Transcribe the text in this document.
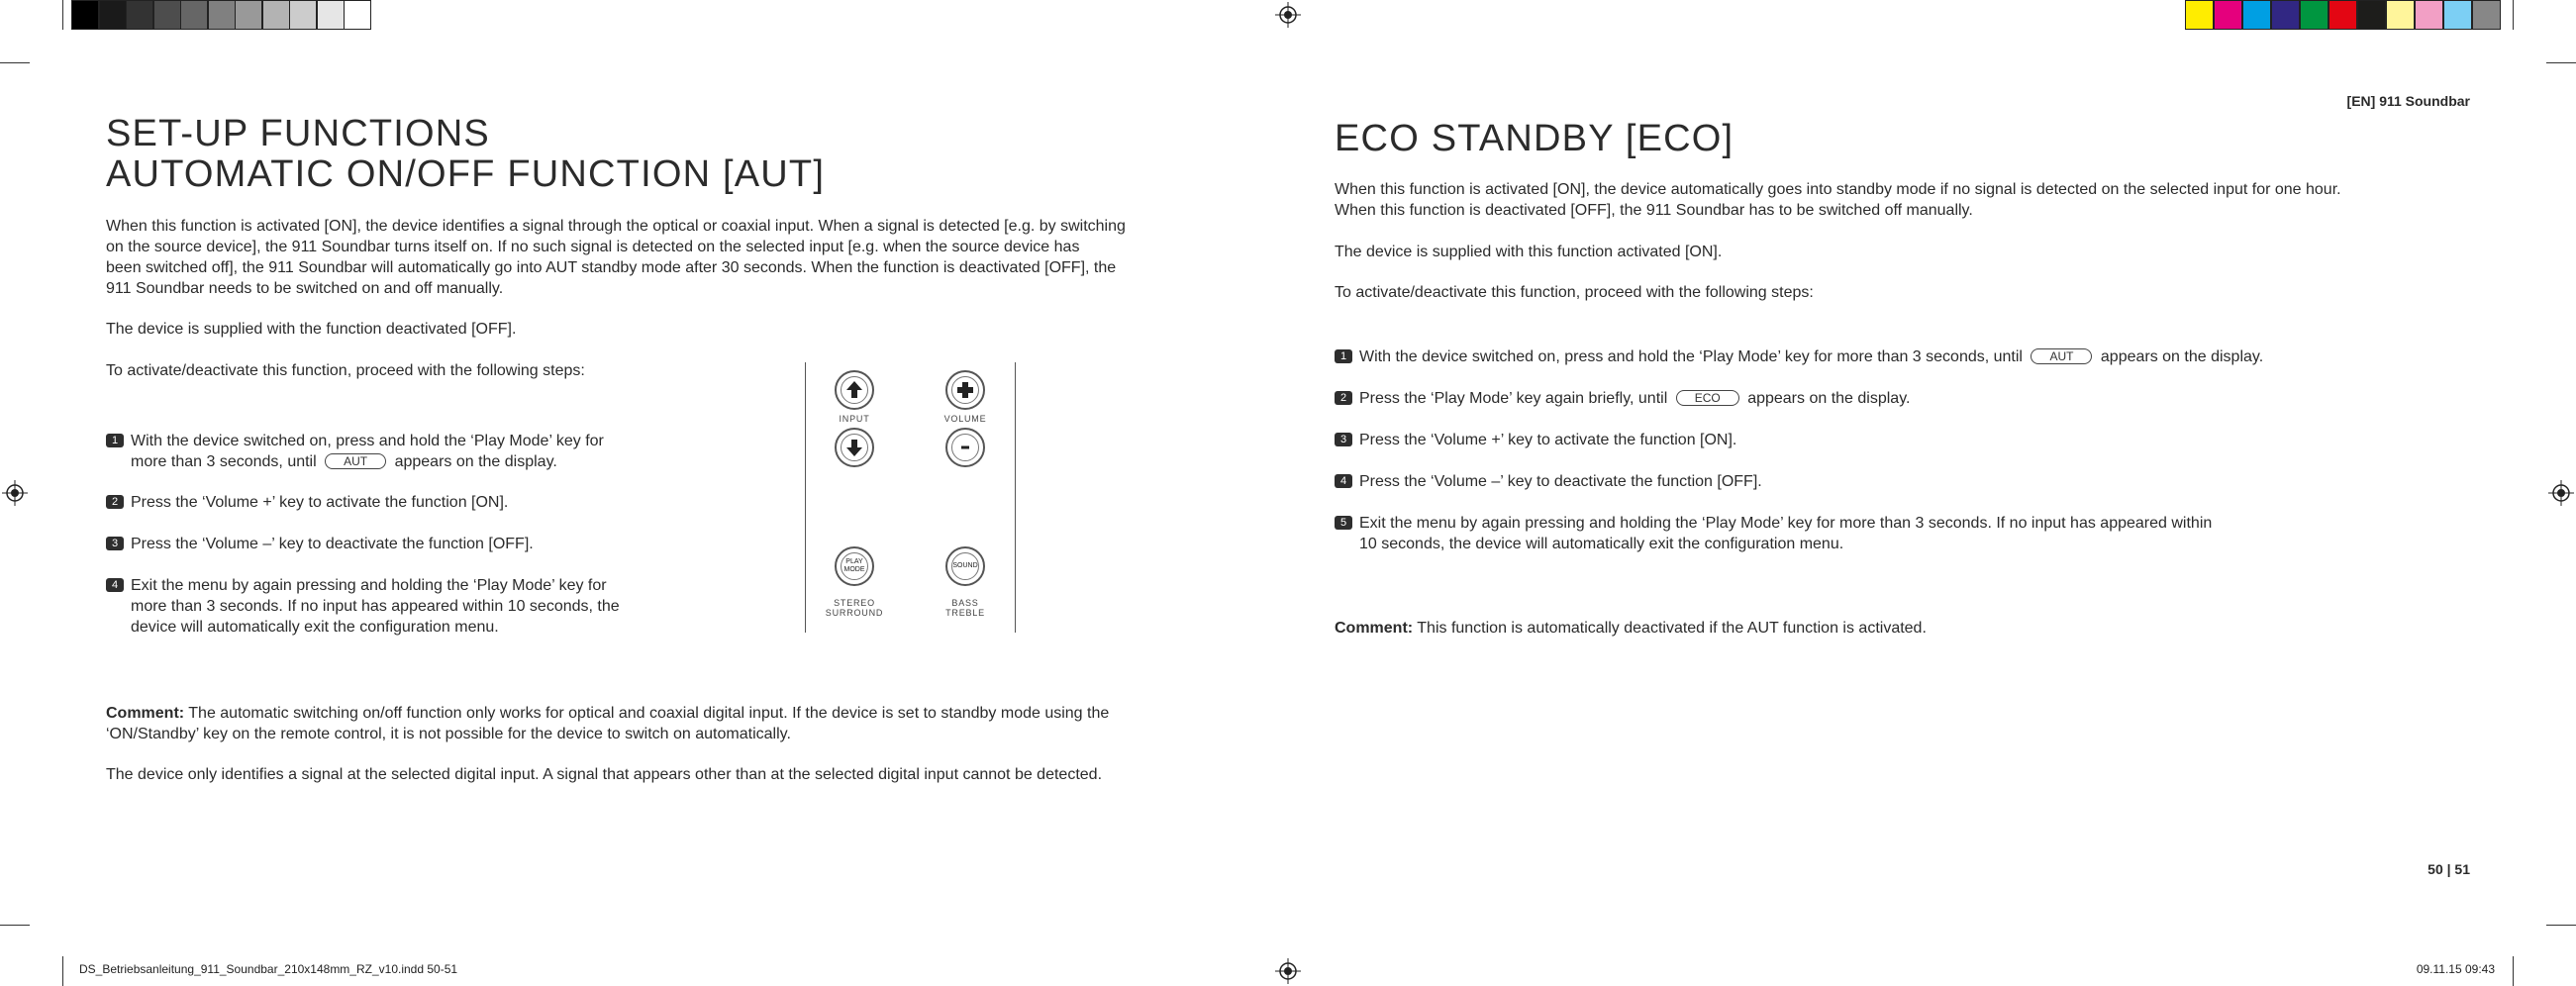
[EN] 911 Soundbar

SET-UP FUNCTIONS

AUTOMATIC ON/OFF FUNCTION [AUT]

When this function is activated [ON], the device identifies a signal through the optical or coaxial input. When a signal is detected [e.g. by switching

on the source device], the 911 Soundbar turns itself on. If no such signal is detected on the selected input [e.g. when the source device has

been switched off], the 911 Soundbar will automatically go into AUT standby mode after 30 seconds. When the function is deactivated [OFF], the

911 Soundbar needs to be switched on and off manually.

The device is supplied with the function deactivated [OFF].

To activate/deactivate this function, proceed with the following steps:

1 With the device switched on, press and hold the ‘Play Mode’ key for
more than 3 seconds, until AUT appears on the display.
2 Press the ‘Volume +’ key to activate the function [ON].
3 Press the ‘Volume –’ key to deactivate the function [OFF].
4 Exit the menu by again pressing and holding the ‘Play Mode’ key for
more than 3 seconds. If no input has appeared within 10 seconds, the
device will automatically exit the configuration menu.
INPUT	VOLUME
PLAY MODE
STEREO
SURROUND
SOUND
BASS
TREBLE

Comment: The automatic switching on/off function only works for optical and coaxial digital input. If the device is set to standby mode using the

‘ON/Standby’ key on the remote control, it is not possible for the device to switch on automatically.

The device only identifies a signal at the selected digital input. A signal that appears other than at the selected digital input cannot be detected.

ECO STANDBY [ECO]

When this function is activated [ON], the device automatically goes into standby mode if no signal is detected on the selected input for one hour.

When this function is deactivated [OFF], the 911 Soundbar has to be switched off manually.

The device is supplied with this function activated [ON].

To activate/deactivate this function, proceed with the following steps:

1 With the device switched on, press and hold the ‘Play Mode’ key for more than 3 seconds, until AUT appears on the display.
2 Press the ‘Play Mode’ key again briefly, until ECO appears on the display.
3 Press the ‘Volume +’ key to activate the function [ON].
4 Press the ‘Volume –’ key to deactivate the function [OFF].
5 Exit the menu by again pressing and holding the ‘Play Mode’ key for more than 3 seconds. If no input has appeared within
10 seconds, the device will automatically exit the configuration menu.

Comment: This function is automatically deactivated if the AUT function is activated.

50 | 51
DS_Betriebsanleitung_911_Soundbar_210x148mm_RZ_v10.indd 50-51	09.11.15 09:43
